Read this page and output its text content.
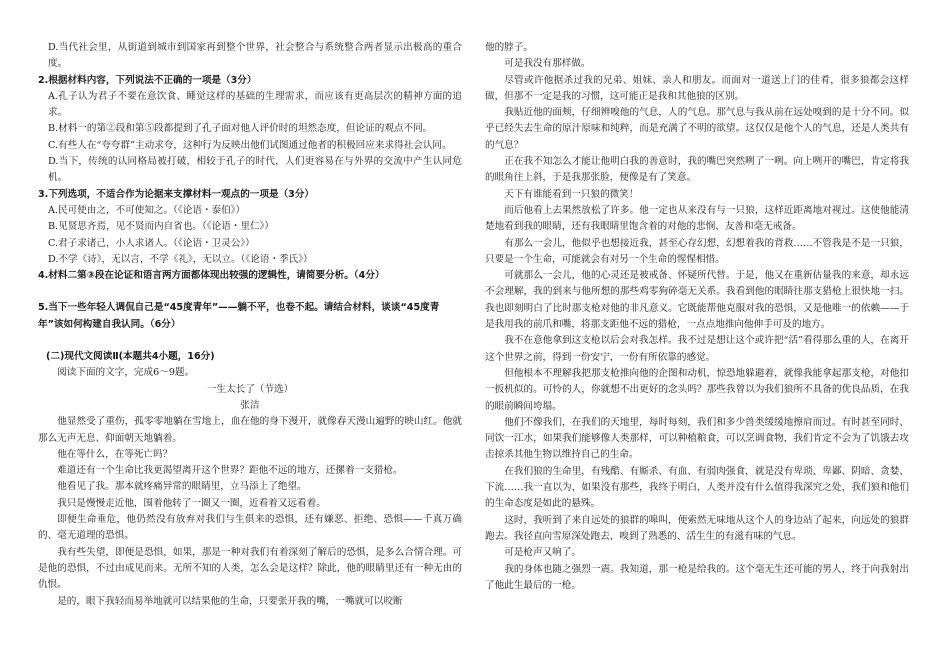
D.当代社会里，从街道到城市到国家再到整个世界，社会整合与系统整合两者显示出极高的重合度。

2.根据材料内容，下列说法不正确的一项是（3分）

A.孔子认为君子不要在意饮食、睡觉这样的基础的生理需求，而应该有更高层次的精神方面的追求。

B.材料一的第②段和第⑤段都提到了孔子面对他人评价时的坦然态度，但论证的观点不同。

C.有些人在“夸夸群”主动求夸，这种行为反映出他们试图通过他者的积极回应来求得社会认同。

D.当下，传统的认同格局被打破，相较于孔子的时代，人们更容易在与外界的交流中产生认同危机。

3.下列选项，不适合作为论据来支撑材料一观点的一项是（3分）

A.民可使由之，不可使知之。（《论语・泰伯》）

B.见贤思齐焉，见不贤而内自省也。（《论语・里仁》）

C.君子求诸己，小人求诸人。（《论语・卫灵公》）

D.不学《诗》，无以言，不学《礼》，无以立。（《论语・季氏》）

4.材料二第③段在论证和语言两方面都体现出较强的逻辑性，请简要分析。（4分）

5.当下一些年轻人调侃自己是“45度青年”——躺不平，也卷不起。请结合材料，谈谈“45度青年”该如何构建自我认同。（6分）

(二)现代文阅读Ⅱ(本题共4小题，16分)

阅读下面的文字，完成6～9题。

一生太长了（节选）

张洁

他显然受了重伤，孤零零地躺在雪地上，血在他的身下漫开，就像春天漫山遍野的映山红。他就那么无声无息、仰面朝天地躺着。

他在等什么，在等死亡吗？

难道还有一个生命比我更渴望离开这个世界？距他不远的地方，还摞着一支猎枪。

他看见了我。那本就疼痛异常的眼睛里，立马添上了绝望。

我只是慢慢走近他，围着他转了一圈又一圈，近看着又远看着。

即便生命垂危，他仍然没有放弃对我们与生俱来的恐惧，还有嫌恶、拒绝、恐惧——千真万确的、毫无道理的恐惧。

我有些失望，即便是恐惧，如果，那是一种对我们有着深刻了解后的恐惧，是多么合情合理。可是他的恐惧，不过由成见而来。无所不知的人类，怎么会是这样？除此，他的眼睛里还有一种无由的仇恨。

是的，眼下我轻而易举地就可以结果他的生命，只要张开我的嘴，一嘴就可以咬断

他的脖子。

可是我没有那样做。

尽管或许他据杀过我的兄弟、姐妹、亲人和朋友。而面对一道送上门的佳肴，很多狼都会这样做，但那不一定是我的习惯，这可能正是我和其他狼的区别。

我贴近他的面颊，仔细辨嗅他的气息，人的气息。那气息与我从前在远处嗅到的是十分不同。似乎已经失去生命的原汁原味和纯粹，而是充满了不明的欲望。这仅仅是他个人的气息，还是人类共有的气息？

正在我不知怎么才能让他明白我的善意时，我的嘴巴突然咧了一咧。向上咧开的嘴巴，肯定将我的眼角往上斜，于是我那张脸，便像是有了笑意。

天下有谁能看到一只狼的微笑！

而后他看上去果然放松了许多。他一定也从来没有与一只狼，这样近距离地对视过。这使他能清楚地看到我的眼睛，还有我眼睛里饱含着的对他的悲悯、友善和毫无戒备。

有那么一会儿，他似乎也想接近我，甚至心存幻想，幻想着我的背救……不管我是不是一只狼，只要是一个生命，可能就会有对另一个生命的惺惺相惜。

可就那么一会儿，他的心灵还是被戒备、怀疑所代替。于是，他又在重新估量我的来意，却永远不会理解，我的到来与他所想的那些鸡零狗碎毫无关系。我看到他的眼睛往那支猎枪上很快地一扫。我也即刻明白了比时那支枪对他的非凡意义。它既能帮他克服对我的恐惧，又是他唯一的依赖——于是我用我的前爪和嘴，将那支距他不远的猎枪，一点点地推向他伸手可及的地方。

我不在意他拿到这支枪以后会对我怎样。我不过是想让这个或许把“活”看得那么重的人，在离开这个世界之前，得到一份安宁，一份有所依靠的感觉。

但他根本不理解我把那支枪推向他的企图和动机，惊恐地躲避着，就像我能拿起那支枪，对他扣一扳机似的。可怜的人，你就想不出更好的念头吗？那些我曾以为我们狼所不具备的优良品质，在我的眼前瞬间垮塌。

他们不像我们，在我们的天地里，每时每刻，我们和多少兽类缓缓地擦肩而过。有时甚至同时、同饮一江水，如果我们能够像人类那样，可以种植粮食，可以烹调食物，我们肯定不会为了饥饿去攻击掠杀其他生物以维持自己的生命。

在我们狼的生命里，有残酷、有厮杀、有血、有弱肉强食，就是没有卑琐、卑鄙、阴暗、贪婪、下流……我一直以为，如果没有那些，我终于明白，人类并没有什么值得我深究之处，我们狼和他们的生命态度是如此的悬殊。

这时，我听到了来自远处的狼群的嗥叫，便索然无味地从这个人的身边站了起来，向远处的狼群跑去。我径直向雪原深处跑去，嗅到了熟悉的、活生生的有滋有味的气息。

可是枪声又响了。

我的身体也随之强烈一震。我知道，那一枪是给我的。这个毫无生还可能的男人，终于向我射出了他此生最后的一枪。
